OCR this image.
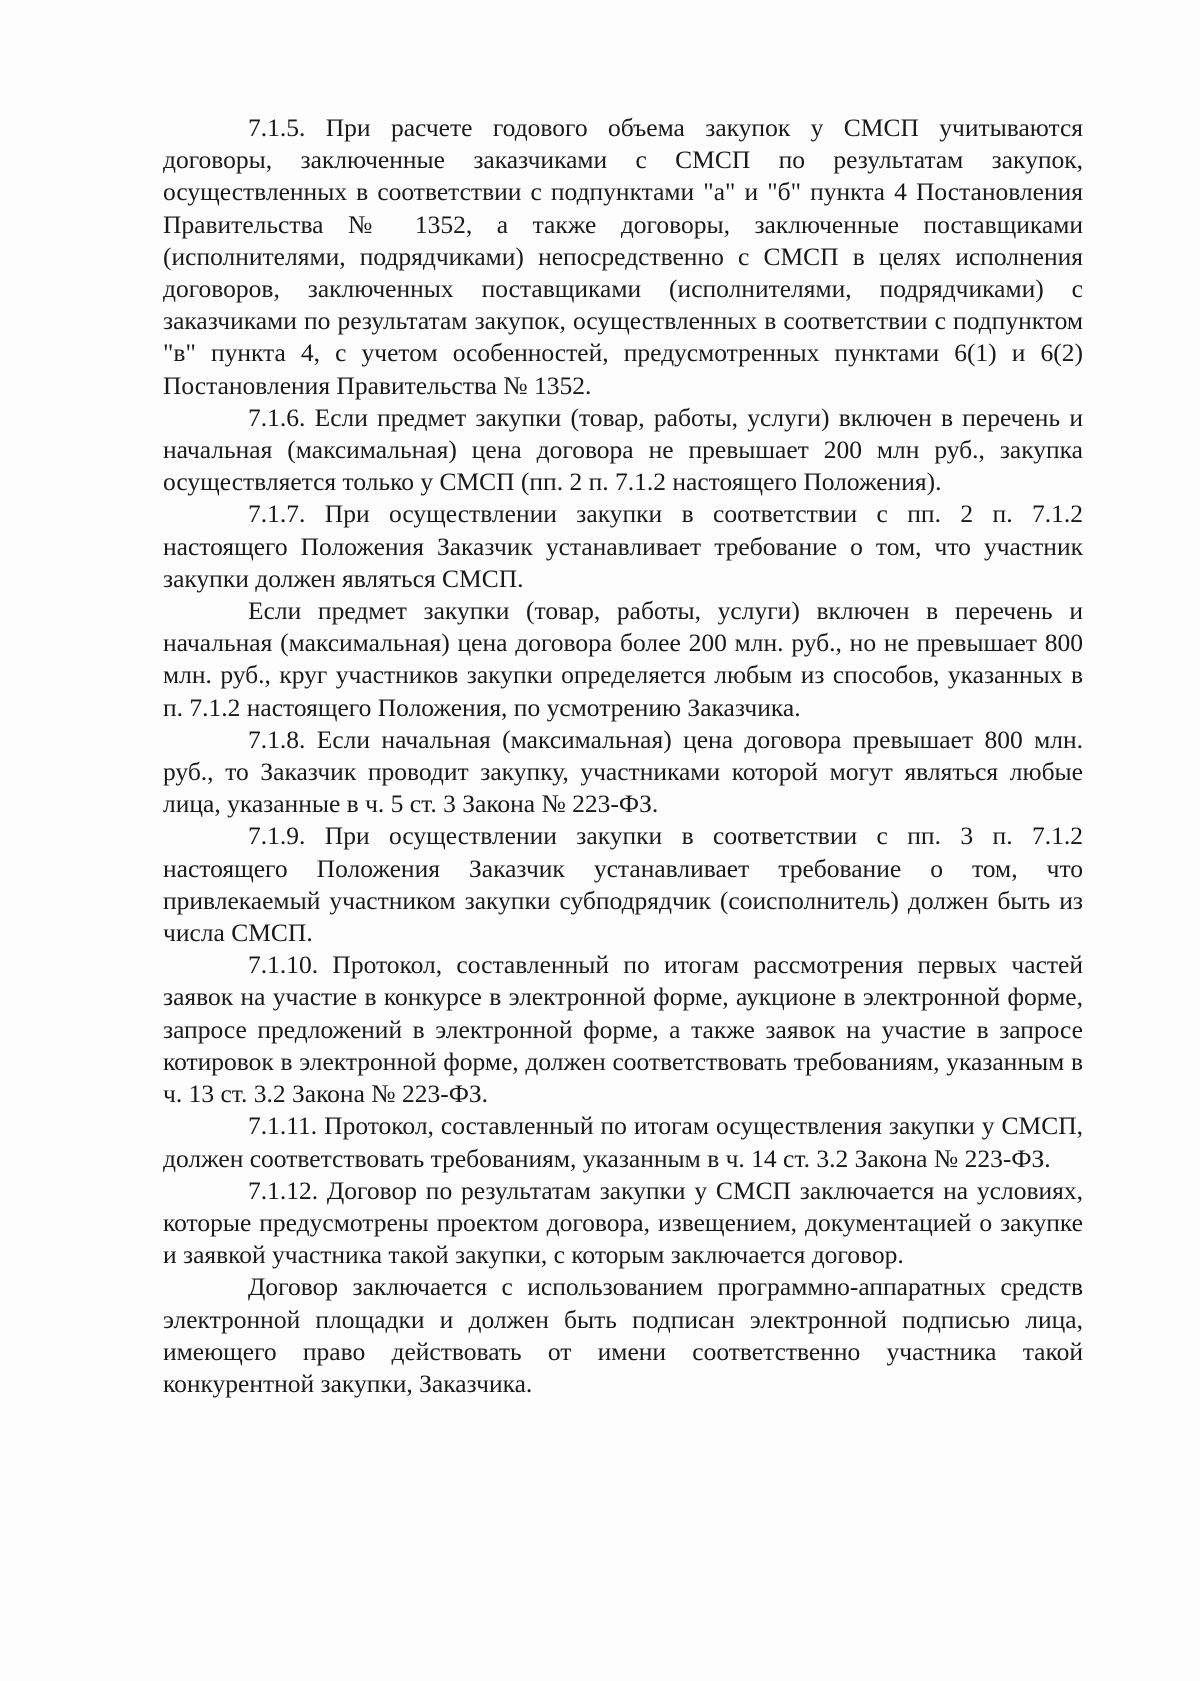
7.1.5. При расчете годового объема закупок у СМСП учитываются договоры, заключенные заказчиками с СМСП по результатам закупок, осуществленных в соответствии с подпунктами "а" и "б" пункта 4 Постановления Правительства № 1352, а также договоры, заключенные поставщиками (исполнителями, подрядчиками) непосредственно с СМСП в целях исполнения договоров, заключенных поставщиками (исполнителями, подрядчиками) с заказчиками по результатам закупок, осуществленных в соответствии с подпунктом "в" пункта 4, с учетом особенностей, предусмотренных пунктами 6(1) и 6(2) Постановления Правительства № 1352.

7.1.6. Если предмет закупки (товар, работы, услуги) включен в перечень и начальная (максимальная) цена договора не превышает 200 млн руб., закупка осуществляется только у СМСП (пп. 2 п. 7.1.2 настоящего Положения).

7.1.7. При осуществлении закупки в соответствии с пп. 2 п. 7.1.2 настоящего Положения Заказчик устанавливает требование о том, что участник закупки должен являться СМСП.

Если предмет закупки (товар, работы, услуги) включен в перечень и начальная (максимальная) цена договора более 200 млн. руб., но не превышает 800 млн. руб., круг участников закупки определяется любым из способов, указанных в п. 7.1.2 настоящего Положения, по усмотрению Заказчика.

7.1.8. Если начальная (максимальная) цена договора превышает 800 млн. руб., то Заказчик проводит закупку, участниками которой могут являться любые лица, указанные в ч. 5 ст. 3 Закона № 223-ФЗ.

7.1.9. При осуществлении закупки в соответствии с пп. 3 п. 7.1.2 настоящего Положения Заказчик устанавливает требование о том, что привлекаемый участником закупки субподрядчик (соисполнитель) должен быть из числа СМСП.

7.1.10. Протокол, составленный по итогам рассмотрения первых частей заявок на участие в конкурсе в электронной форме, аукционе в электронной форме, запросе предложений в электронной форме, а также заявок на участие в запросе котировок в электронной форме, должен соответствовать требованиям, указанным в ч. 13 ст. 3.2 Закона № 223-ФЗ.

7.1.11. Протокол, составленный по итогам осуществления закупки у СМСП, должен соответствовать требованиям, указанным в ч. 14 ст. 3.2 Закона № 223-ФЗ.

7.1.12. Договор по результатам закупки у СМСП заключается на условиях, которые предусмотрены проектом договора, извещением, документацией о закупке и заявкой участника такой закупки, с которым заключается договор.

Договор заключается с использованием программно-аппаратных средств электронной площадки и должен быть подписан электронной подписью лица, имеющего право действовать от имени соответственно участника такой конкурентной закупки, Заказчика.
